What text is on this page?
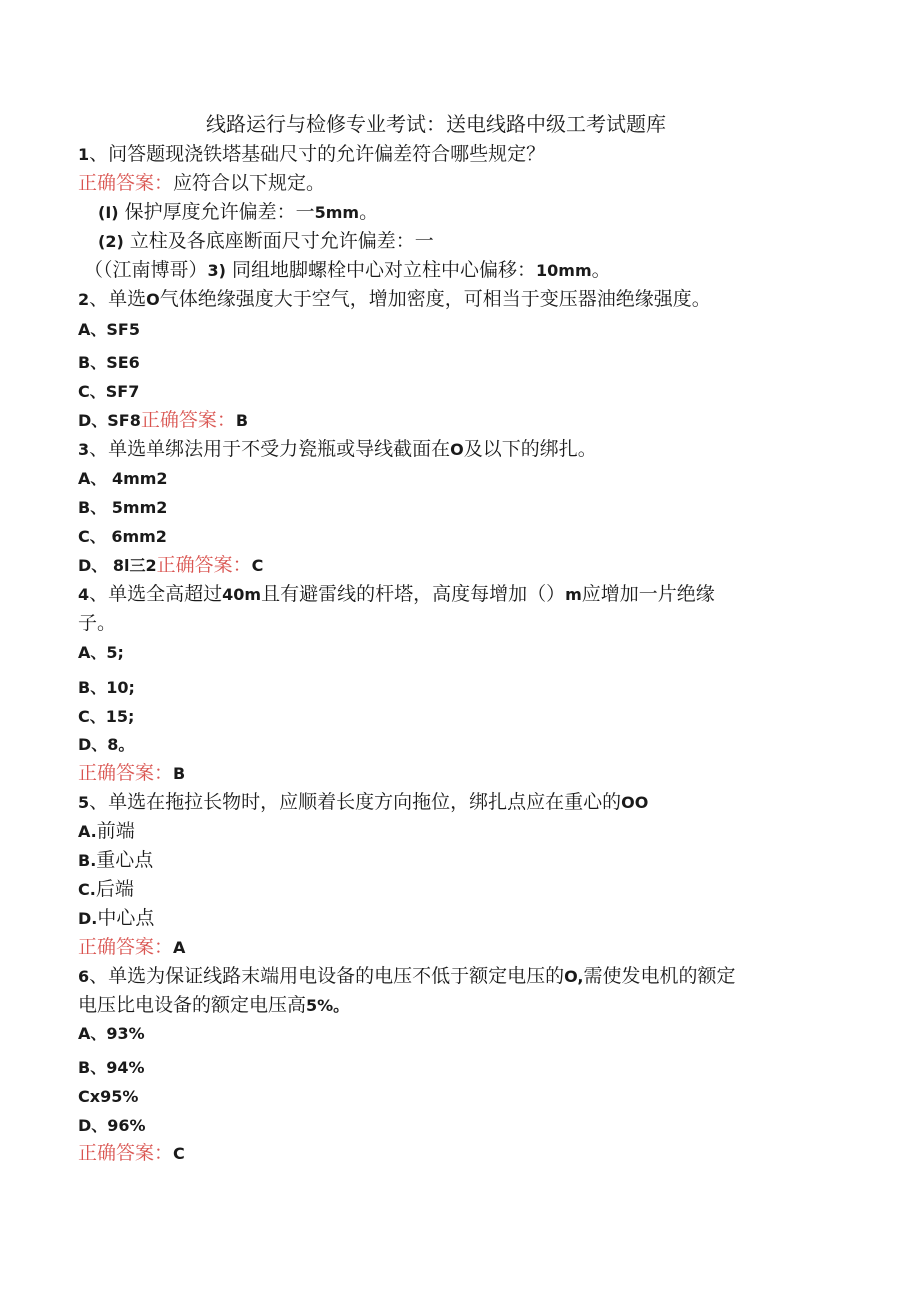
线路运行与检修专业考试：送电线路中级工考试题库
1、问答题现浇铁塔基础尺寸的允许偏差符合哪些规定？
正确答案：应符合以下规定。
(I) 保护厚度允许偏差：一5mm。
(2) 立柱及各底座断面尺寸允许偏差：一
（（江南博哥）3) 同组地脚螺栓中心对立柱中心偏移：10mm。
2、单选O气体绝缘强度大于空气，增加密度，可相当于变压器油绝缘强度。
A、SF5
B、SE6
C、SF7
D、SF8正确答案：B
3、单选单绑法用于不受力瓷瓶或导线截面在O及以下的绑扎。
A、 4mm2
B、 5mm2
C、 6mm2
D、 8l三2正确答案：C
4、单选全高超过40m且有避雷线的杆塔，高度每增加（）m应增加一片绝缘
子。
A、5;
B、10;
C、15;
D、8。
正确答案：B
5、单选在拖拉长物时，应顺着长度方向拖位，绑扎点应在重心的OO
A.前端
B.重心点
C.后端
D.中心点
正确答案：A
6、单选为保证线路末端用电设备的电压不低于额定电压的O,需使发电机的额定
电压比电设备的额定电压高5%。
A、93%
B、94%
Cx95%
D、96%
正确答案：C
